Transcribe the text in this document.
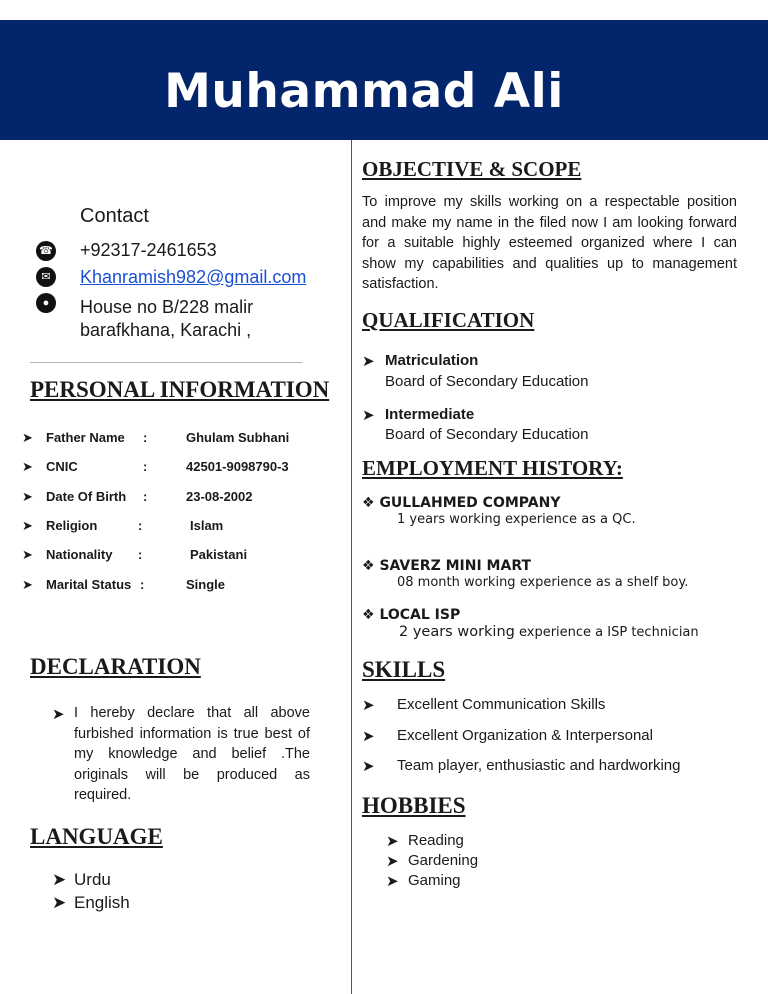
Muhammad Ali
Contact
☎ +92317-2461653
✉ Khanramish982@gmail.com
●	House no B/228 malir
barafkhana, Karachi ,
PERSONAL INFORMATION
➤ Father Name :	Ghulam Subhani
➤ CNIC	:	42501-9098790-3
➤ Date Of Birth :	23-08-2002
➤ Religion	:	Islam
➤ Nationality :	Pakistani
➤ Marital Status :	Single
DECLARATION
➤ I hereby declare that all above furbished information is true best of my knowledge and belief .The originals will be produced as required.
LANGUAGE
➤ Urdu
➤ English
OBJECTIVE & SCOPE
To improve my skills working on a respectable position and make my name in the filed now I am looking forward for a suitable highly esteemed organized where I can show my capabilities and qualities up to management satisfaction.
QUALIFICATION
➤ Matriculation
Board of Secondary Education
➤ Intermediate
Board of Secondary Education
EMPLOYMENT HISTORY:
❖ GULLAHMED COMPANY
1 years working experience as a QC.
❖ SAVERZ MINI MART
08 month working experience as a shelf boy.
❖ LOCAL ISP
2 years working experience a ISP technician
SKILLS
➤ Excellent Communication Skills
➤ Excellent Organization & Interpersonal
➤ Team player, enthusiastic and hardworking
HOBBIES
➤ Reading
➤ Gardening
➤ Gaming
